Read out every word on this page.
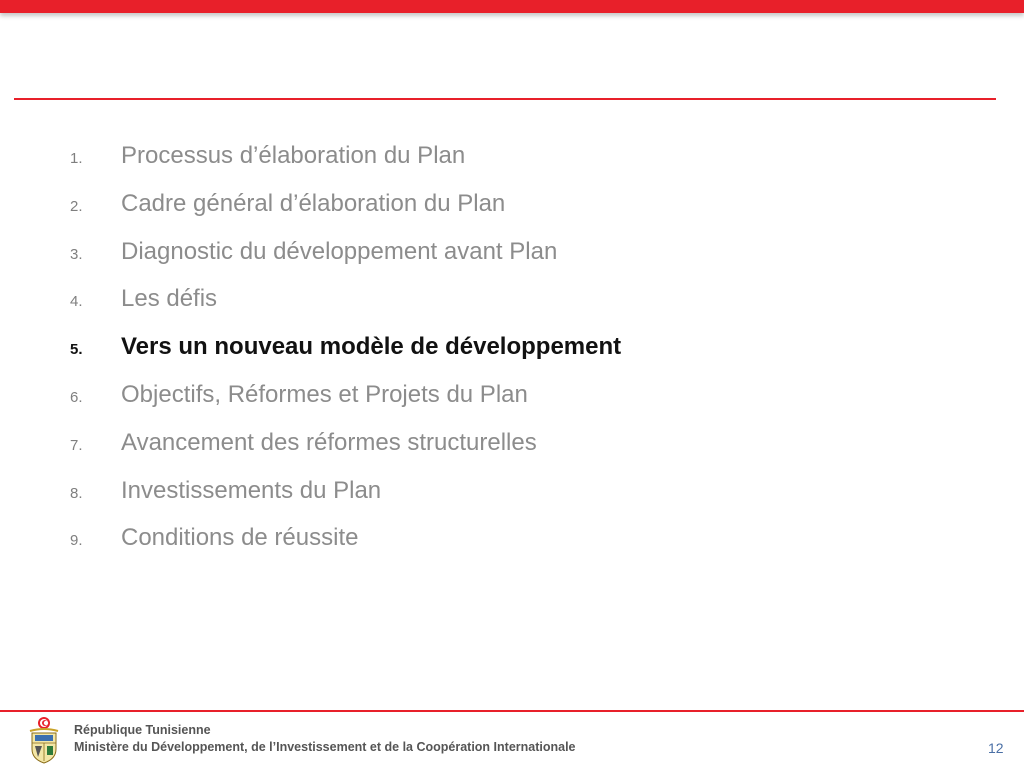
1. Processus d’élaboration du Plan
2. Cadre général d’élaboration du Plan
3. Diagnostic du développement avant Plan
4. Les défis
5. Vers un nouveau modèle de développement
6. Objectifs, Réformes et Projets du Plan
7. Avancement des réformes structurelles
8. Investissements du Plan
9. Conditions de réussite
République Tunisienne
Ministère du Développement, de l’Investissement et de la Coopération Internationale	12
